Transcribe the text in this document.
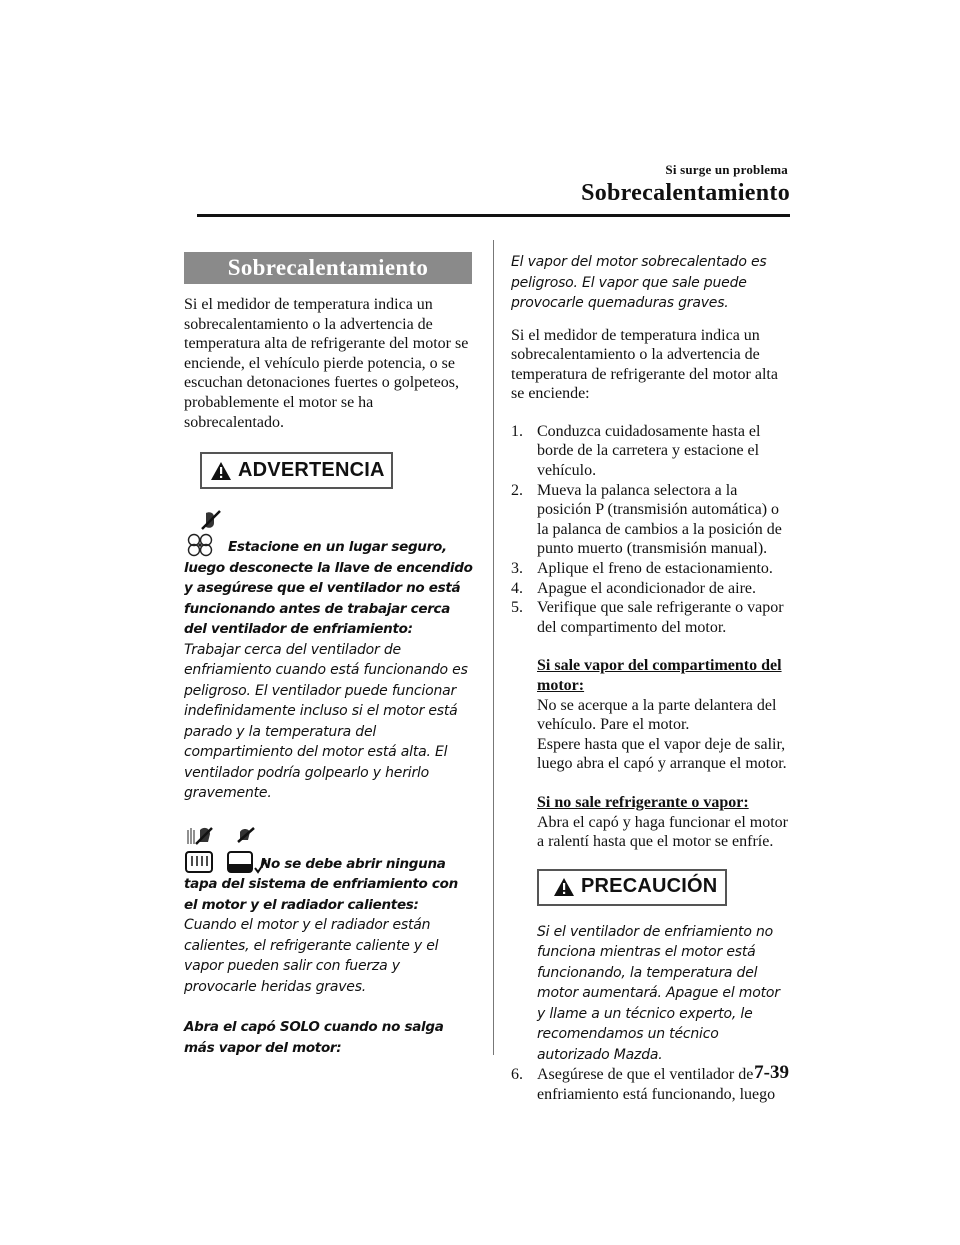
Si surge un problema
Sobrecalentamiento
Sobrecalentamiento

Si el medidor de temperatura indica un sobrecalentamiento o la advertencia de temperatura alta de refrigerante del motor se enciende, el vehículo pierde potencia, o se escuchan detonaciones fuertes o golpeteos, probablemente el motor se ha sobrecalentado.

ADVERTENCIA

Estacione en un lugar seguro, luego desconecte la llave de encendido y asegúrese que el ventilador no está funcionando antes de trabajar cerca del ventilador de enfriamiento:

Trabajar cerca del ventilador de enfriamiento cuando está funcionando es peligroso. El ventilador puede funcionar indefinidamente incluso si el motor está parado y la temperatura del compartimiento del motor está alta. El ventilador podría golpearlo y herirlo gravemente.

No se debe abrir ninguna tapa del sistema de enfriamiento con el motor y el radiador calientes:

Cuando el motor y el radiador están calientes, el refrigerante caliente y el vapor pueden salir con fuerza y provocarle heridas graves.

Abra el capó SOLO cuando no salga más vapor del motor:

El vapor del motor sobrecalentado es peligroso. El vapor que sale puede provocarle quemaduras graves.

Si el medidor de temperatura indica un sobrecalentamiento o la advertencia de temperatura de refrigerante del motor alta se enciende:

1. Conduzca cuidadosamente hasta el borde de la carretera y estacione el vehículo.
2. Mueva la palanca selectora a la posición P (transmisión automática) o la palanca de cambios a la posición de punto muerto (transmisión manual).
3. Aplique el freno de estacionamiento.
4. Apague el acondicionador de aire.
5. Verifique que sale refrigerante o vapor del compartimento del motor.

Si sale vapor del compartimento del motor:

No se acerque a la parte delantera del vehículo. Pare el motor.

Espere hasta que el vapor deje de salir, luego abra el capó y arranque el motor.

Si no sale refrigerante o vapor:

Abra el capó y haga funcionar el motor a ralentí hasta que el motor se enfríe.

PRECAUCIÓN

Si el ventilador de enfriamiento no funciona mientras el motor está funcionando, la temperatura del motor aumentará. Apague el motor y llame a un técnico experto, le recomendamos un técnico autorizado Mazda.

6. Asegúrese de que el ventilador de enfriamiento está funcionando, luego
7-39
